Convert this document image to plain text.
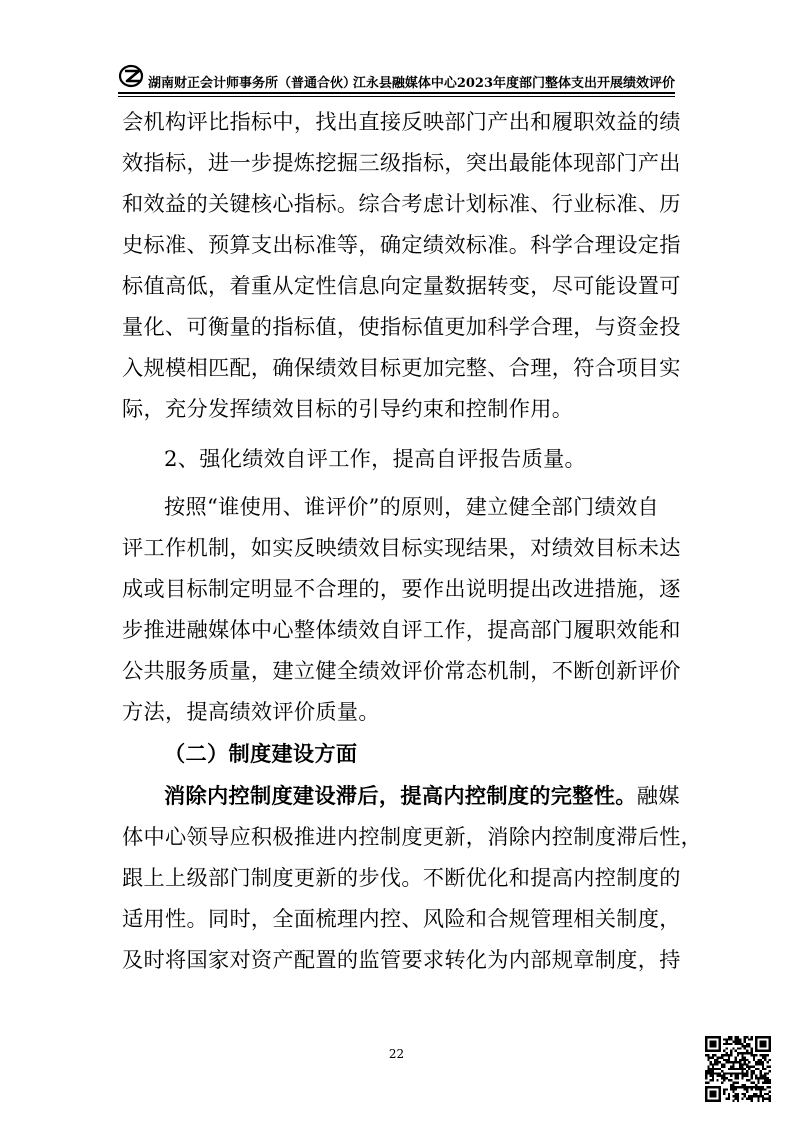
湖南财正会计师事务所（普通合伙）
江永县融媒体中心2023年度部门整体支出开展绩效评价
会机构评比指标中，找出直接反映部门产出和履职效益的绩
效指标，进一步提炼挖掘三级指标，突出最能体现部门产出
和效益的关键核心指标。综合考虑计划标准、行业标准、历
史标准、预算支出标准等，确定绩效标准。科学合理设定指
标值高低，着重从定性信息向定量数据转变，尽可能设置可
量化、可衡量的指标值，使指标值更加科学合理，与资金投
入规模相匹配，确保绩效目标更加完整、合理，符合项目实
际，充分发挥绩效目标的引导约束和控制作用。
2、强化绩效自评工作，提高自评报告质量。
按照“谁使用、谁评价”的原则，建立健全部门绩效自
评工作机制，如实反映绩效目标实现结果，对绩效目标未达
成或目标制定明显不合理的，要作出说明提出改进措施，逐
步推进融媒体中心整体绩效自评工作，提高部门履职效能和
公共服务质量，建立健全绩效评价常态机制，不断创新评价
方法，提高绩效评价质量。
（二）制度建设方面
消除内控制度建设滞后，提高内控制度的完整性。融媒
体中心领导应积极推进内控制度更新，消除内控制度滞后性，
跟上上级部门制度更新的步伐。不断优化和提高内控制度的
适用性。同时，全面梳理内控、风险和合规管理相关制度，
及时将国家对资产配置的监管要求转化为内部规章制度，持
22
